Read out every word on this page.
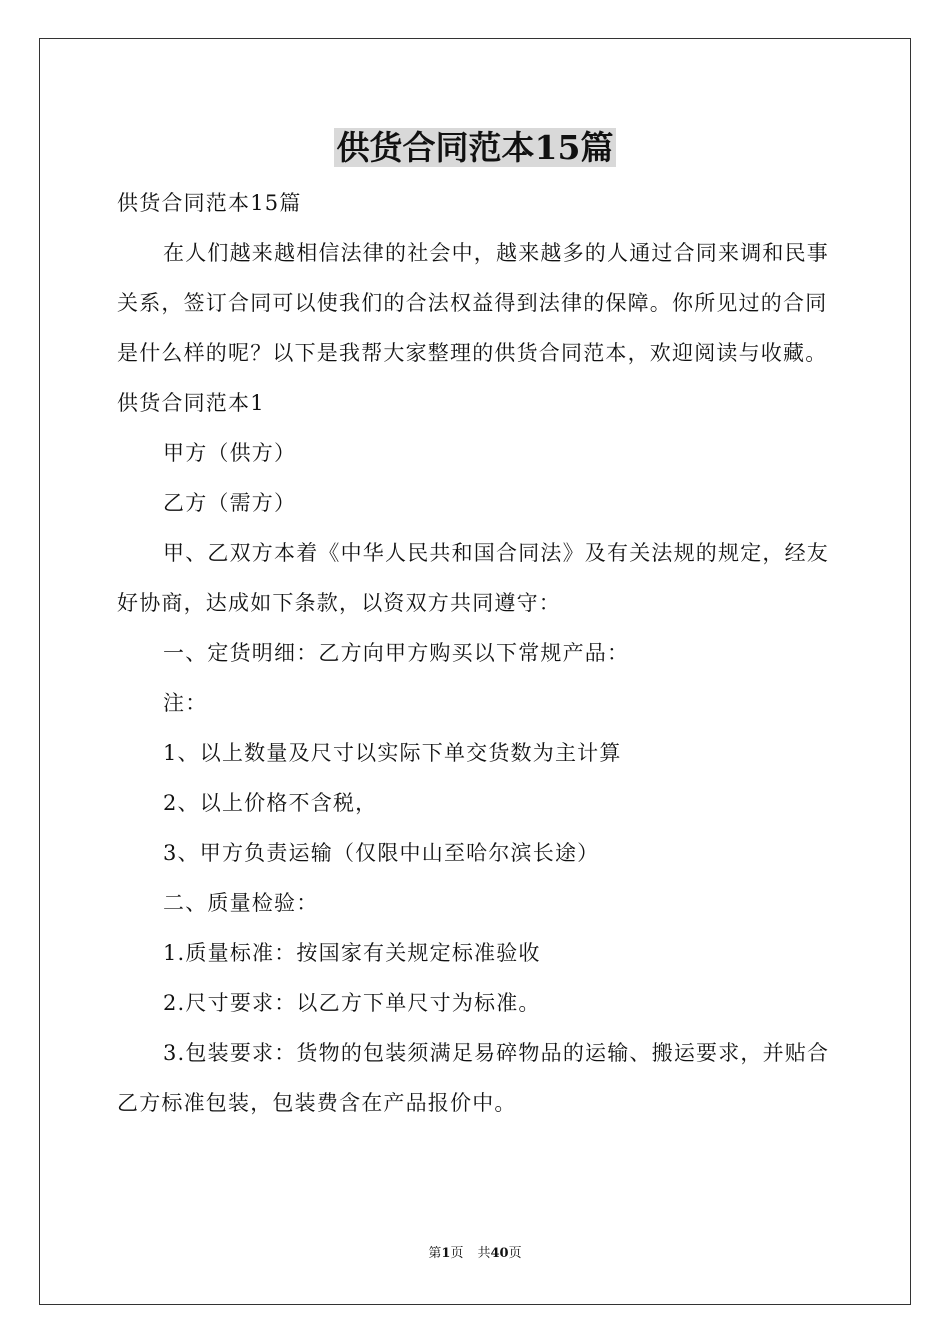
供货合同范本15篇

供货合同范本15篇

在人们越来越相信法律的社会中，越来越多的人通过合同来调和民事关系，签订合同可以使我们的合法权益得到法律的保障。你所见过的合同是什么样的呢？以下是我帮大家整理的供货合同范本，欢迎阅读与收藏。

供货合同范本1

甲方（供方）

乙方（需方）

甲、乙双方本着《中华人民共和国合同法》及有关法规的规定，经友好协商，达成如下条款，以资双方共同遵守：

一、定货明细：乙方向甲方购买以下常规产品：

注：

1、以上数量及尺寸以实际下单交货数为主计算

2、以上价格不含税，

3、甲方负责运输（仅限中山至哈尔滨长途）

二、质量检验：

1.质量标准：按国家有关规定标准验收

2.尺寸要求：以乙方下单尺寸为标准。

3.包装要求：货物的包装须满足易碎物品的运输、搬运要求，并贴合乙方标准包装，包装费含在产品报价中。

第1页 共40页
